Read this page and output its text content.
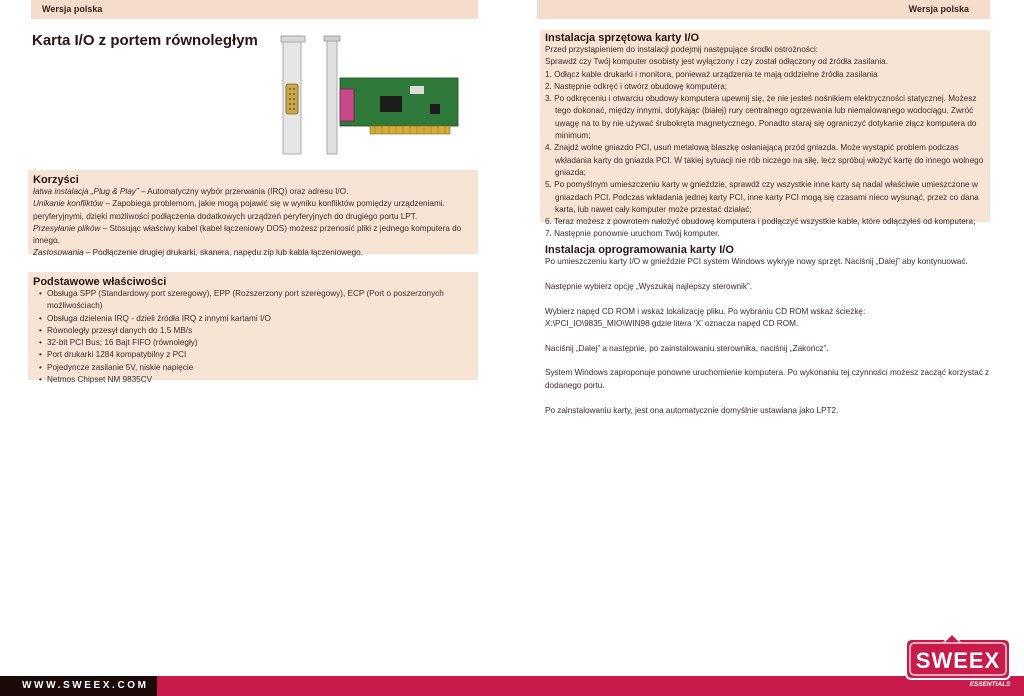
Wersja polska	Wersja polska
Karta I/O z portem równoległym
Korzyści

łatwa instalacja „Plug & Play” – Automatyczny wybór przerwania (IRQ) oraz adresu I/O.

Unikanie konfliktów – Zapobiega problemom, jakie mogą pojawić się w wyniku konfliktów pomiędzy urządzeniami.

peryferyjnymi, dzięki możliwości podłączenia dodatkowych urządzeń peryferyjnych do drugiego portu LPT.

Przesyłanie plików – Stosując właściwy kabel (kabel łączeniowy DOS) możesz przenosić pliki z jednego komputera do innego.

Zastosowania – Podłączenie drugiej drukarki, skanera, napędu zip lub kabla łączeniowego.

Podstawowe właściwości
• Obsługa SPP (Standardowy port szeregowy), EPP (Rozszerzony port szeregowy), ECP (Port o poszerzonych możliwościach)
• Obsługa dzielenia IRQ - dzieli źródła IRQ z innymi kartami I/O
• Równoległy przesył danych do 1.5 MB/s
• 32-bit PCI Bus; 16 Bajt FIFO (równoległy)
• Port drukarki 1284 kompatybilny z PCI
• Pojedyncze zasilanie 5V, niskie napięcie
• Netmos Chipset NM 9835CV
Instalacja sprzętowa karty I/O

Przed przystąpieniem do instalacji podejmij następujące środki ostrożności:

Sprawdź czy Twój komputer osobisty jest wyłączony i czy został odłączony od źródła zasilania.

1. Odłącz kable drukarki i monitora, ponieważ urządzenia te mają oddzielne źródła zasilania
2. Następnie odkręć i otwórz obudowę komputera;
3. Po odkręceniu i otwarciu obudowy komputera upewnij się, że nie jesteś nośnikiem elektryczności statycznej. Możesz tego dokonać, między innymi, dotykając (białej) rury centralnego ogrzewania lub niemalowanego wodociągu. Zwróć uwagę na to by nie używać śrubokręta magnetycznego. Ponadto staraj się ograniczyć dotykanie złącz komputera do minimum;
4. Znajdź wolne gniazdo PCI, usuń metalową blaszkę osłaniającą przód gniazda. Może wystąpić problem podczas wkładania karty do gniazda PCI. W takiej sytuacji nie rób niczego na siłę, lecz spróbuj włożyć kartę do innego wolnego gniazda;
5. Po pomyślnym umieszczeniu karty w gnieździe, sprawdź czy wszystkie inne karty są nadal właściwie umieszczone w gniazdach PCI. Podczas wkładania jednej karty PCI, inne karty PCI mogą się czasami nieco wysunąć, przez co dana karta, lub nawet cały komputer może przestać działać;
6. Teraz możesz z powrotem nałożyć obudowę komputera i podłączyć wszystkie kable, które odłączyłeś od komputera;
7. Następnie ponownie uruchom Twój komputer.
Instalacja oprogramowania karty I/O

Po umieszczeniu karty I/O w gnieździe PCI system Windows wykryje nowy sprzęt. Naciśnij „Dalej” aby kontynuować.

Następnie wybierz opcję „Wyszukaj najlepszy sterownik”.

Wybierz napęd CD ROM i wskaż lokalizację pliku. Po wybraniu CD ROM wskaż ścieżkę:

X:\PCI_IO\9835_MIO\WIN98 gdzie litera ‘X’ oznacza napęd CD ROM.

Naciśnij „Dalej” a następnie, po zainstalowaniu sterownika, naciśnij „Zakończ”.

System Windows zaproponuje ponowne uruchomienie komputera. Po wykonaniu tej czynności możesz zacząć korzystać z dodanego portu.

Po zainstalowaniu karty, jest ona automatycznie domyślnie ustawiana jako LPT2.

WWW.SWEEX.COM
SWEEX
ESSENTIALS
